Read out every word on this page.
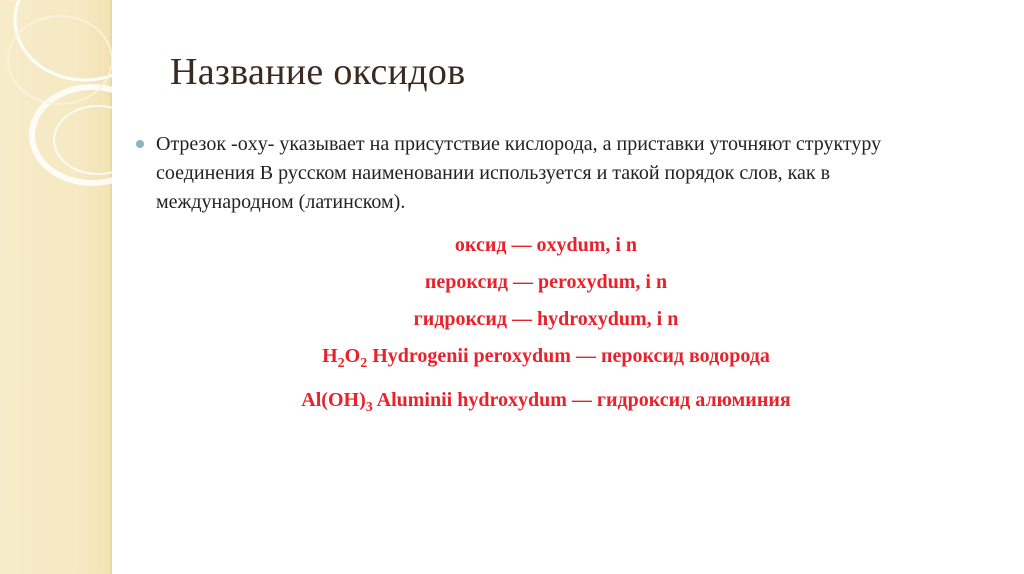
Название оксидов
Отрезок -оxy- указывает на присутствие кислорода, а приставки уточняют структуру соединения В русском наименовании используется и такой порядок слов, как в международном (латинском).
оксид — oxydum, i n
пероксид — peroxydum, i n
гидроксид — hydroxydum, i n
$H_2O_2$ Hydrogenii peroxydum — пероксид водорода
$Al(OH)_3$ Aluminii hydroxydum — гидроксид алюминия
